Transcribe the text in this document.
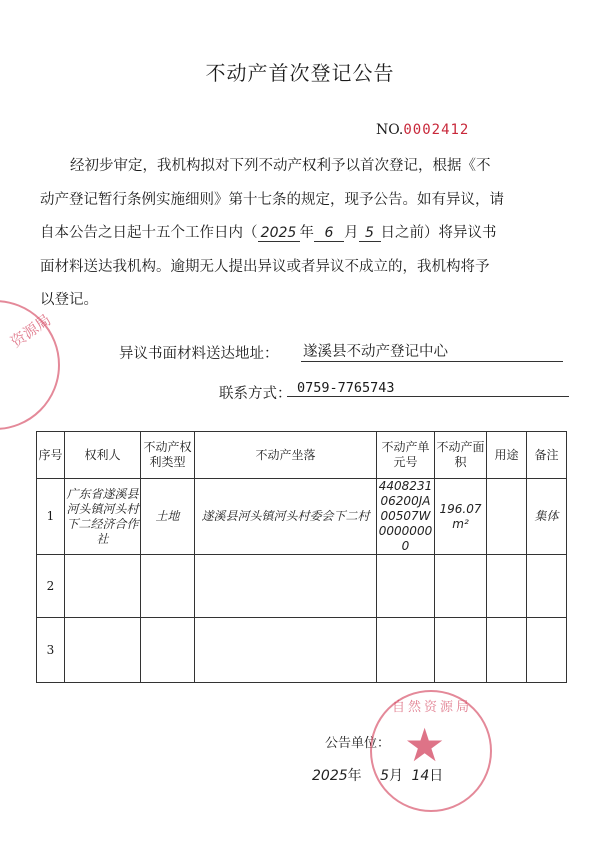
不动产首次登记公告
NO.0002412
经初步审定，我机构拟对下列不动产权利予以首次登记，根据《不
动产登记暂行条例实施细则》第十七条的规定，现予公告。如有异议，请
自本公告之日起十五个工作日内（ 2025 年 6 月 5 日之前）将异议书
面材料送达我机构。逾期无人提出异议或者异议不成立的，我机构将予
以登记。
异议书面材料送达地址： 遂溪县不动产登记中心
联系方式： 0759-7765743
序号	权利人	不动产权利类型	不动产坐落	不动产单元号	不动产面积	用途	备注
1	广东省遂溪县河头镇河头村下二经济合作社	土地	遂溪县河头镇河头村委会下二村	440823106200JA00507W00000000	196.07m²		集体
2							
3							
公告单位：
2025年 5月 14日
资源局
★
自然资源局
